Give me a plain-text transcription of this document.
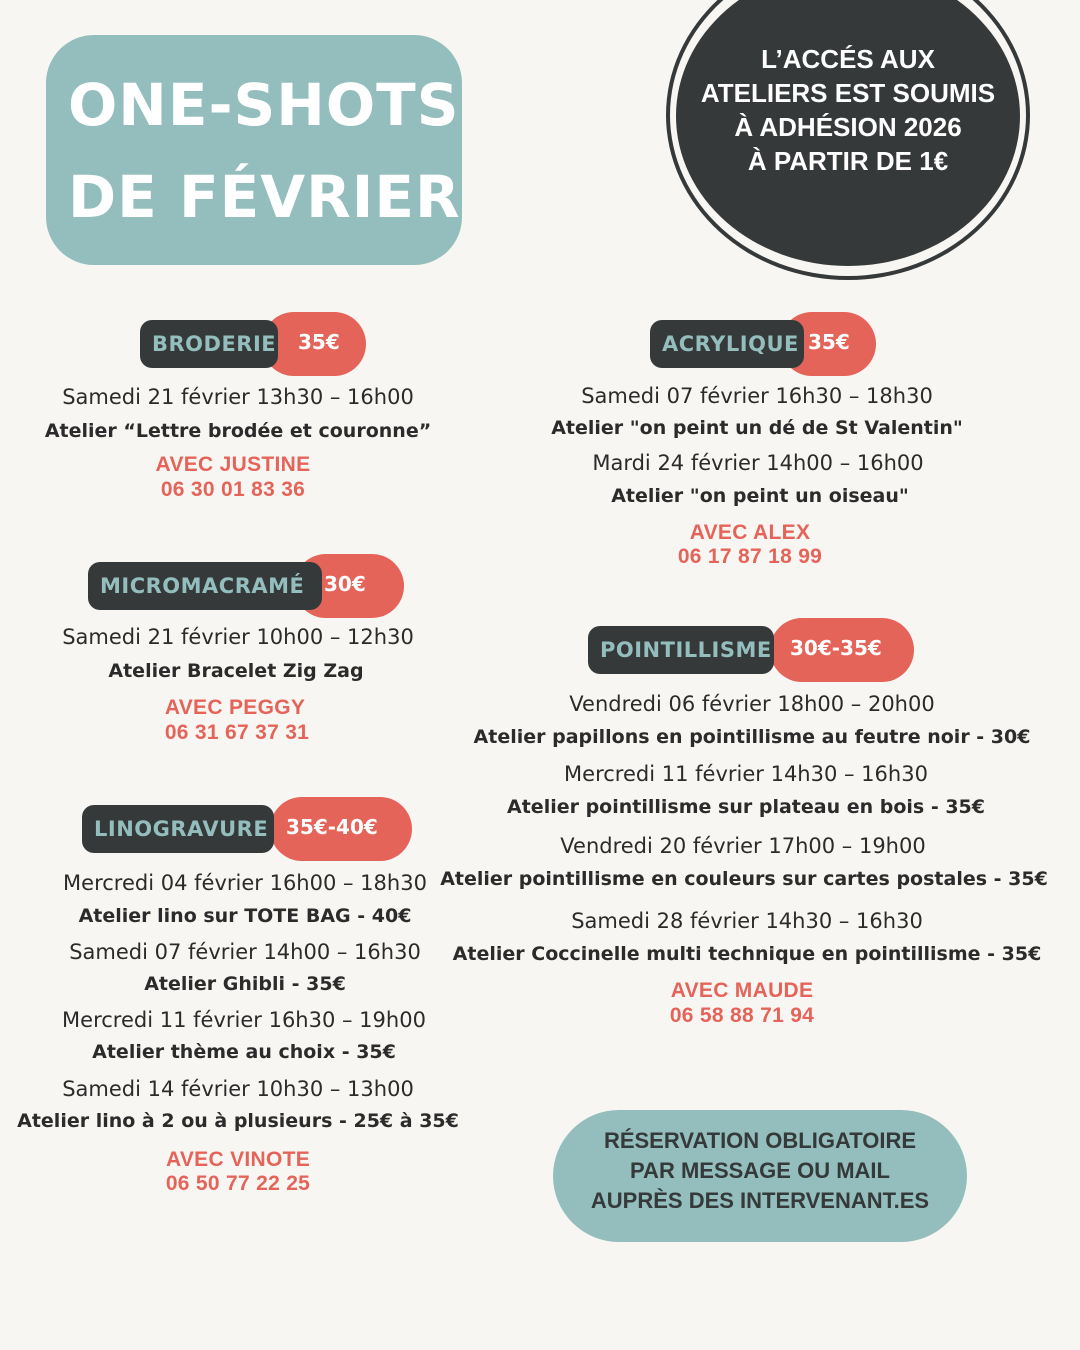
ONE-SHOTS
DE FÉVRIER
L’ACCÉS AUX
ATELIERS EST SOUMIS
À ADHÉSION 2026
À PARTIR DE 1€
BRODERIE	35€
Samedi 21 février 13h30 – 16h00
Atelier “Lettre brodée et couronne”
AVEC JUSTINE
06 30 01 83 36
MICROMACRAMÉ 30€
Samedi 21 février 10h00 – 12h30
Atelier Bracelet Zig Zag
AVEC PEGGY
06 31 67 37 31
LINOGRAVURE 35€-40€
Mercredi 04 février 16h00 – 18h30
Atelier lino sur TOTE BAG - 40€
Samedi 07 février 14h00 – 16h30
Atelier Ghibli - 35€
Mercredi 11 février 16h30 – 19h00
Atelier thème au choix - 35€
Samedi 14 février 10h30 – 13h00
Atelier lino à 2 ou à plusieurs - 25€ à 35€
AVEC VINOTE
06 50 77 22 25
ACRYLIQUE 35€
Samedi 07 février 16h30 – 18h30
Atelier "on peint un dé de St Valentin"
Mardi 24 février 14h00 – 16h00
Atelier "on peint un oiseau"
AVEC ALEX
06 17 87 18 99
POINTILLISME 30€-35€
Vendredi 06 février 18h00 – 20h00
Atelier papillons en pointillisme au feutre noir - 30€
Mercredi 11 février 14h30 – 16h30
Atelier pointillisme sur plateau en bois - 35€
Vendredi 20 février 17h00 – 19h00
Atelier pointillisme en couleurs sur cartes postales - 35€
Samedi 28 février 14h30 – 16h30
Atelier Coccinelle multi technique en pointillisme - 35€
AVEC MAUDE
06 58 88 71 94
RÉSERVATION OBLIGATOIRE
PAR MESSAGE OU MAIL
AUPRÈS DES INTERVENANT.ES
